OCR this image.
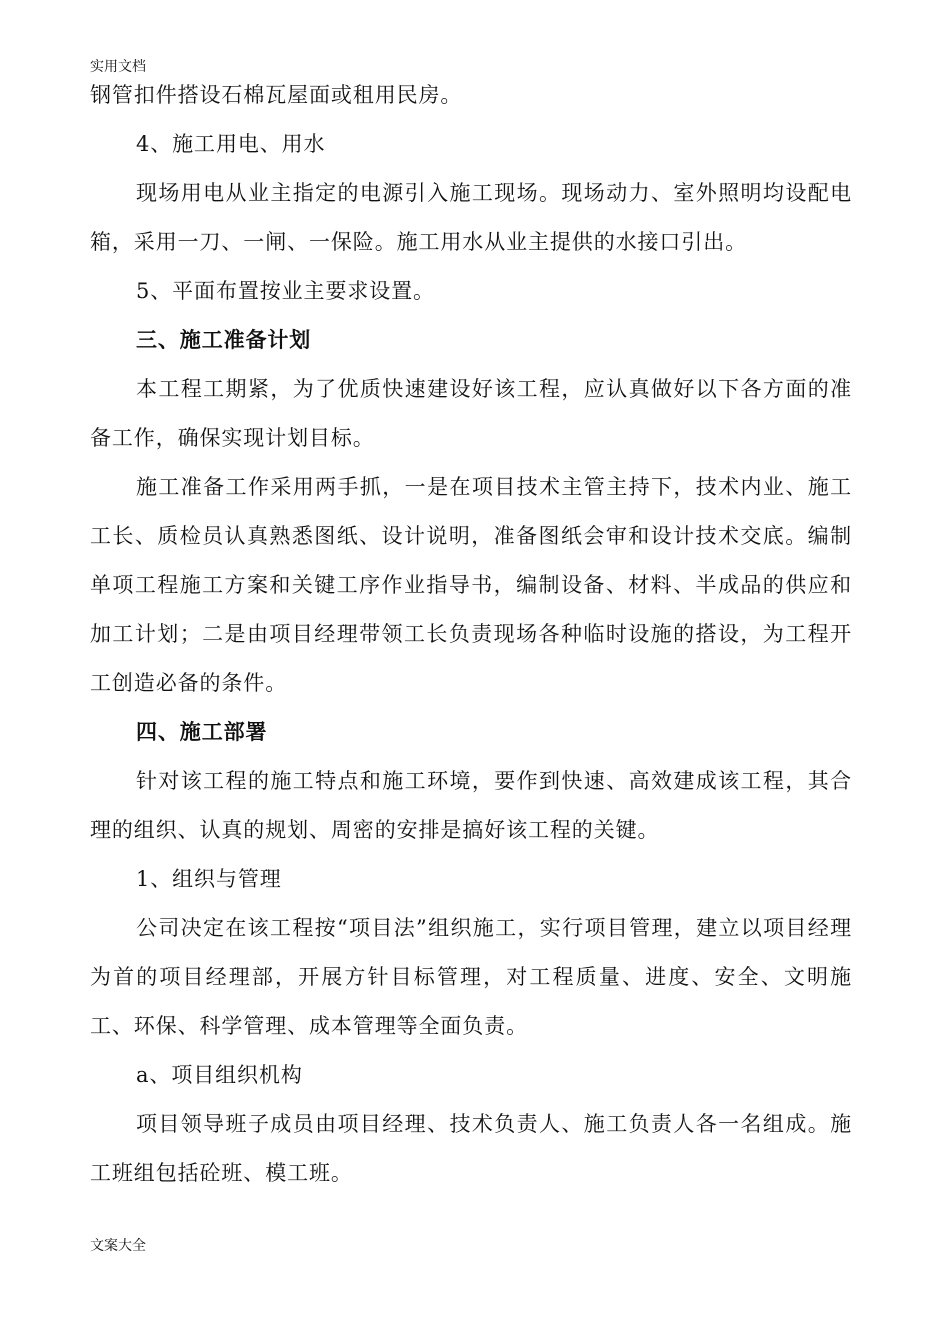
实用文档

钢管扣件搭设石棉瓦屋面或租用民房。

4、施工用电、用水

现场用电从业主指定的电源引入施工现场。现场动力、室外照明均设配电箱，采用一刀、一闸、一保险。施工用水从业主提供的水接口引出。

5、平面布置按业主要求设置。

三、施工准备计划

本工程工期紧，为了优质快速建设好该工程，应认真做好以下各方面的准备工作，确保实现计划目标。

施工准备工作采用两手抓，一是在项目技术主管主持下，技术内业、施工工长、质检员认真熟悉图纸、设计说明，准备图纸会审和设计技术交底。编制单项工程施工方案和关键工序作业指导书，编制设备、材料、半成品的供应和加工计划；二是由项目经理带领工长负责现场各种临时设施的搭设，为工程开工创造必备的条件。

四、施工部署

针对该工程的施工特点和施工环境，要作到快速、高效建成该工程，其合理的组织、认真的规划、周密的安排是搞好该工程的关键。

1、组织与管理

公司决定在该工程按“项目法”组织施工，实行项目管理，建立以项目经理为首的项目经理部，开展方针目标管理，对工程质量、进度、安全、文明施工、环保、科学管理、成本管理等全面负责。

a、项目组织机构

项目领导班子成员由项目经理、技术负责人、施工负责人各一名组成。施工班组包括砼班、模工班。

文案大全
